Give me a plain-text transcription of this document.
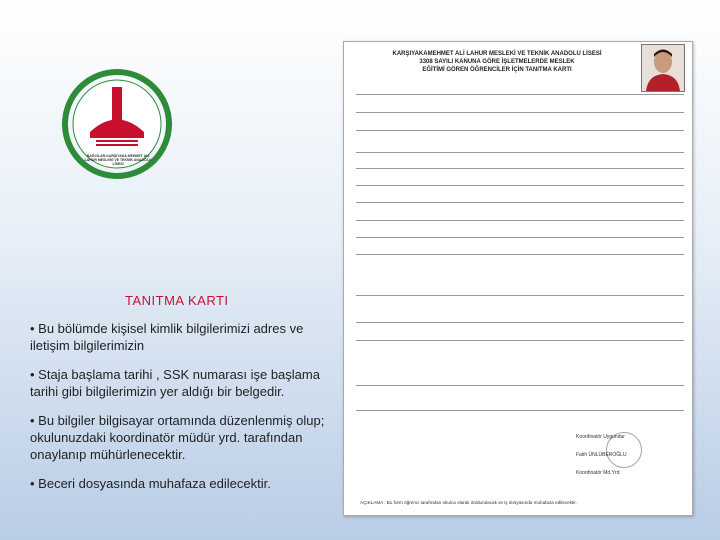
BAĞCILAR-KARŞIYAKA MEHMET ALİ LAHUR MESLEKİ VE TEKNİK ANADOLU LİSESİ
TANITMA KARTI

• Bu bölümde kişisel kimlik bilgilerimizi adres ve iletişim bilgilerimizin

• Staja başlama tarihi , SSK numarası işe başlama tarihi gibi bilgilerimizin yer aldığı bir belgedir.

• Bu bilgiler bilgisayar ortamında düzenlenmiş olup; okulunuzdaki koordinatör müdür yrd. tarafından onaylanıp mühürlenecektir.

• Beceri dosyasında muhafaza edilecektir.

KARŞIYAKAMEHMET ALİ LAHUR MESLEKİ VE TEKNİK ANADOLU LİSESİ
3308 SAYILI KANUNA GÖRE İŞLETMELERDE MESLEK
EĞİTİMİ GÖREN ÖĞRENCİLER İÇİN TANITMA KARTI

Koordinatör Uygundur

Fatih ÜNLÜBEROĞLU

Koordinatör Md.Yrd.

AÇIKLAMA : Bu form öğrenci tarafından okulca olarak doldurulacak ve iş dosyasında muhafaza edilecektir.
